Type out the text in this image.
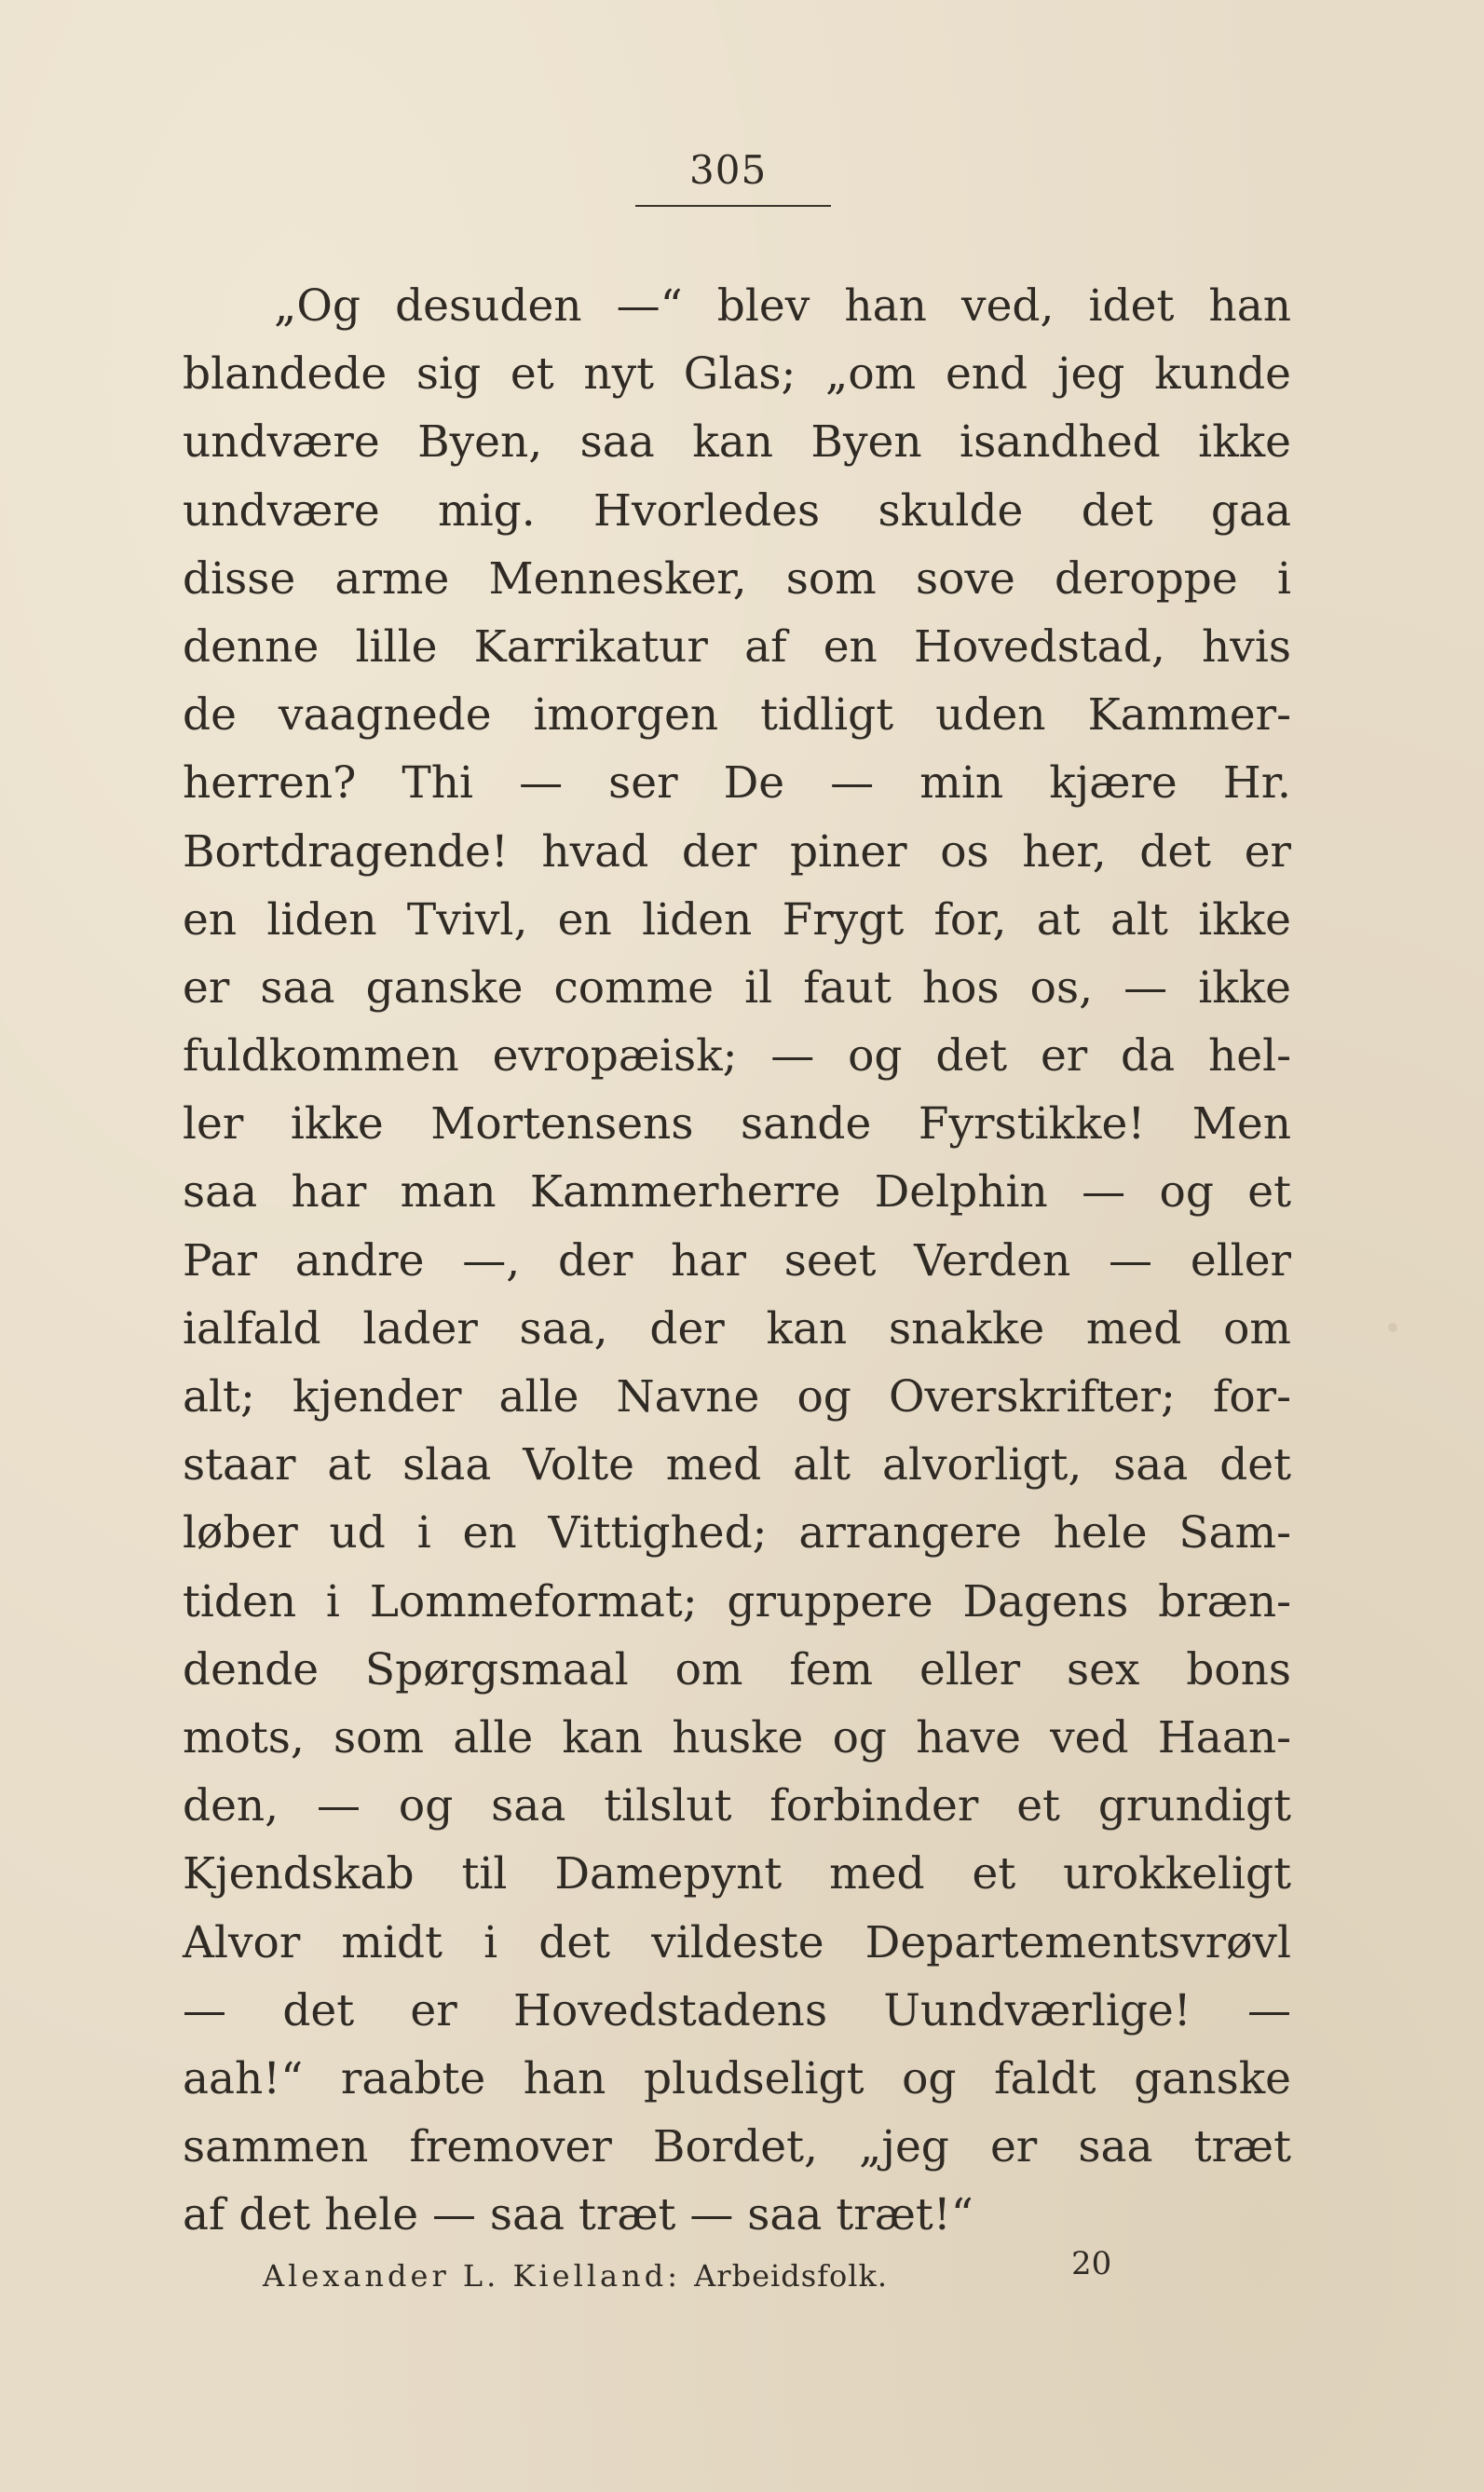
305
„Og desuden —“ blev han ved, idet han
blandede sig et nyt Glas; „om end jeg kunde
undvære Byen, saa kan Byen isandhed ikke
undvære mig. Hvorledes skulde det gaa
disse arme Mennesker, som sove deroppe i
denne lille Karrikatur af en Hovedstad, hvis
de vaagnede imorgen tidligt uden Kammer-
herren? Thi — ser De — min kjære Hr.
Bortdragende! hvad der piner os her, det er
en liden Tvivl, en liden Frygt for, at alt ikke
er saa ganske comme il faut hos os, — ikke
fuldkommen evropæisk; — og det er da hel-
ler ikke Mortensens sande Fyrstikke! Men
saa har man Kammerherre Delphin — og et
Par andre —, der har seet Verden — eller
ialfald lader saa, der kan snakke med om
alt; kjender alle Navne og Overskrifter; for-
staar at slaa Volte med alt alvorligt, saa det
løber ud i en Vittighed; arrangere hele Sam-
tiden i Lommeformat; gruppere Dagens bræn-
dende Spørgsmaal om fem eller sex bons
mots, som alle kan huske og have ved Haan-
den, — og saa tilslut forbinder et grundigt
Kjendskab til Damepynt med et urokkeligt
Alvor midt i det vildeste Departementsvrøvl
— det er Hovedstadens Uundværlige! —
aah!“ raabte han pludseligt og faldt ganske
sammen fremover Bordet, „jeg er saa træt
af det hele — saa træt — saa træt!“
Alexander L. Kielland: Arbeidsfolk.	20
